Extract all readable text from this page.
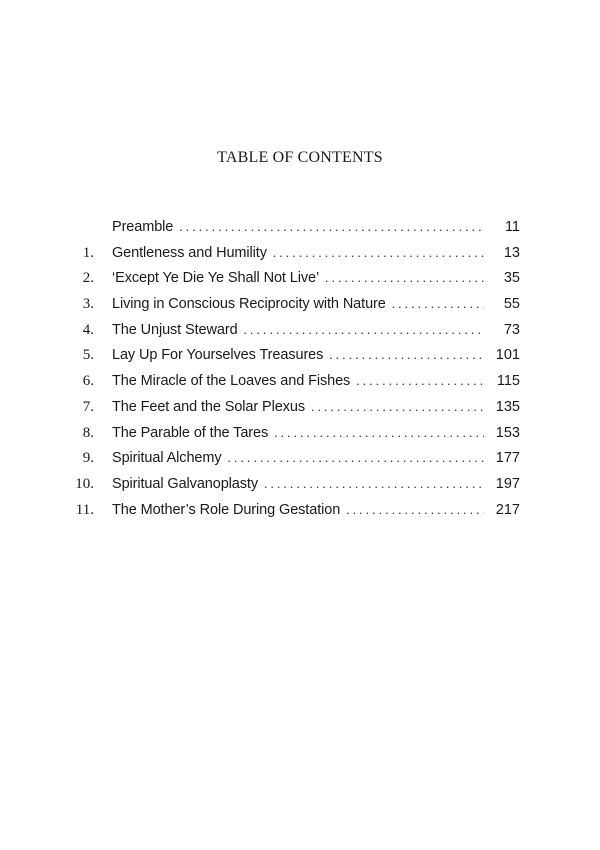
TABLE OF CONTENTS
Preamble . . .	11
1.	Gentleness and Humility . . .	13
2.	‘Except Ye Die Ye Shall Not Live’ . . .	35
3.	Living in Conscious Reciprocity with Nature . . .	55
4.	The Unjust Steward . . .	73
5.	Lay Up For Yourselves Treasures . . .	101
6.	The Miracle of the Loaves and Fishes . . .	115
7.	The Feet and the Solar Plexus . . .	135
8.	The Parable of the Tares . . .	153
9.	Spiritual Alchemy . . .	177
10.	Spiritual Galvanoplasty . . .	197
11.	The Mother’s Role During Gestation . . .	217
